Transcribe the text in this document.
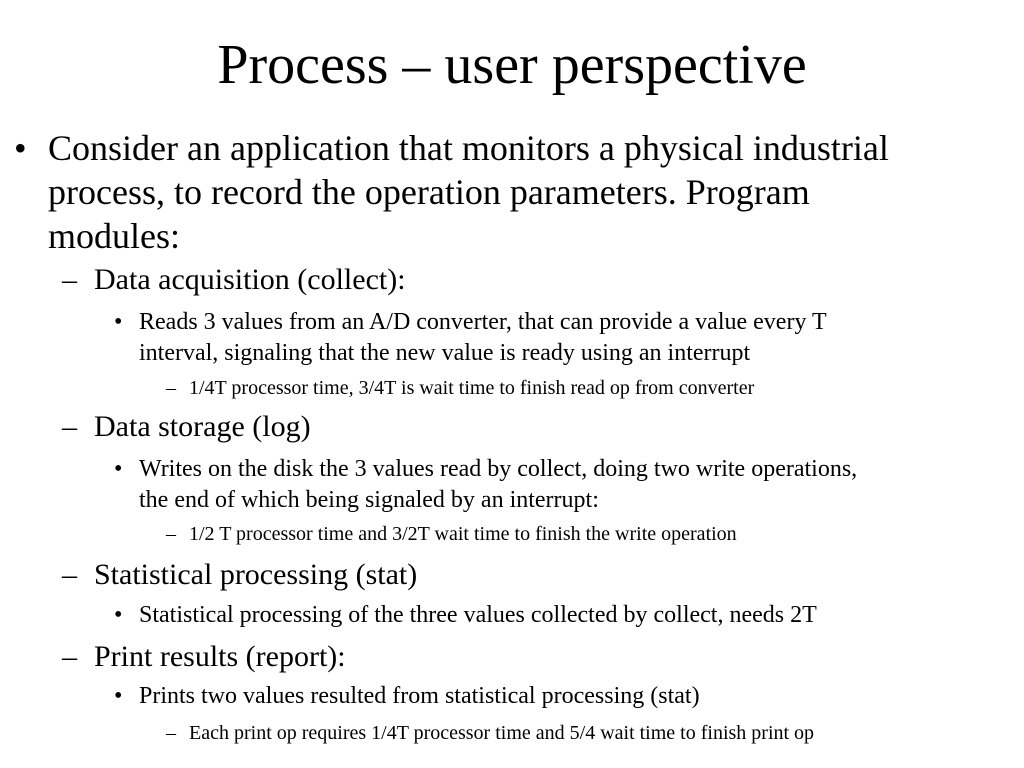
Process – user perspective
• Consider an application that monitors a physical industrial
process, to record the operation parameters. Program
modules:
– Data acquisition (collect):
• Reads 3 values from an A/D converter, that can provide a value every T
interval, signaling that the new value is ready using an interrupt
– 1/4T processor time, 3/4T is wait time to finish read op from converter
– Data storage (log)
• Writes on the disk the 3 values read by collect, doing two write operations,
the end of which being signaled by an interrupt:
– 1/2 T processor time and 3/2T wait time to finish the write operation
– Statistical processing (stat)
• Statistical processing of the three values collected by collect, needs 2T
– Print results (report):
• Prints two values resulted from statistical processing (stat)
– Each print op requires 1/4T processor time and 5/4 wait time to finish print op
